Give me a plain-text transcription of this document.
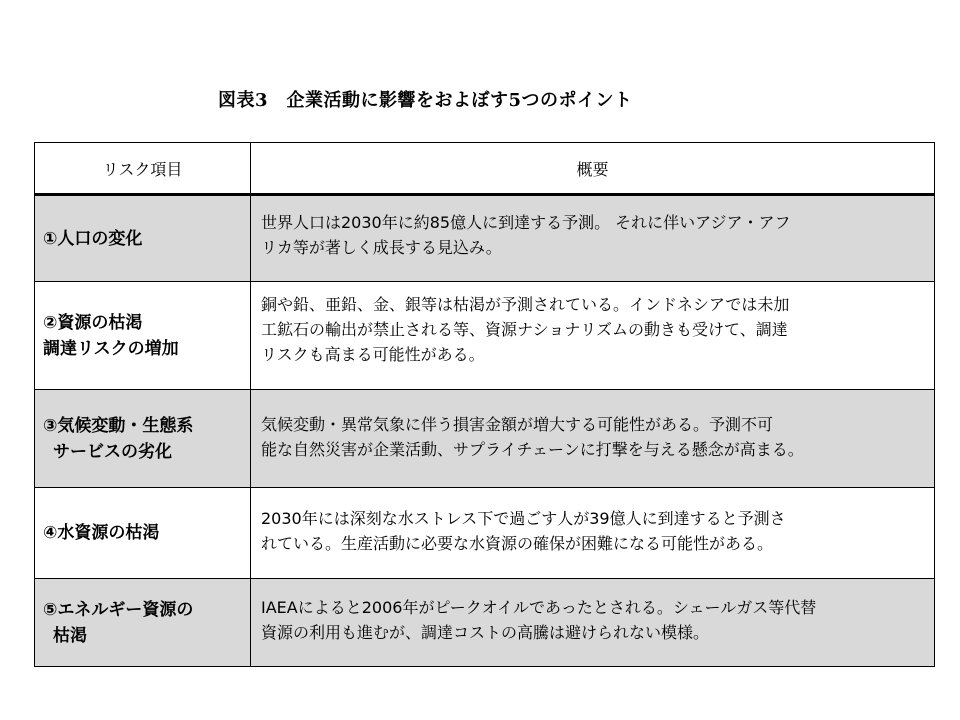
図表3　企業活動に影響をおよぼす5つのポイント
リスク項目	概要

①人口の変化	世界人口は2030年に約85億人に到達する予測。 それに伴いアジア・アフ
リカ等が著しく成長する見込み。

②資源の枯渇
調達リスクの増加	銅や鉛、亜鉛、金、銀等は枯渇が予測されている。インドネシアでは未加
工鉱石の輸出が禁止される等、資源ナショナリズムの動きも受けて、調達
リスクも高まる可能性がある。

③気候変動・生態系
サービスの劣化	気候変動・異常気象に伴う損害金額が増大する可能性がある。予測不可
能な自然災害が企業活動、サプライチェーンに打撃を与える懸念が高まる。

④水資源の枯渇	2030年には深刻な水ストレス下で過ごす人が39億人に到達すると予測さ
れている。生産活動に必要な水資源の確保が困難になる可能性がある。

⑤エネルギー資源の
枯渇	IAEAによると2006年がピークオイルであったとされる。シェールガス等代替
資源の利用も進むが、調達コストの高騰は避けられない模様。
